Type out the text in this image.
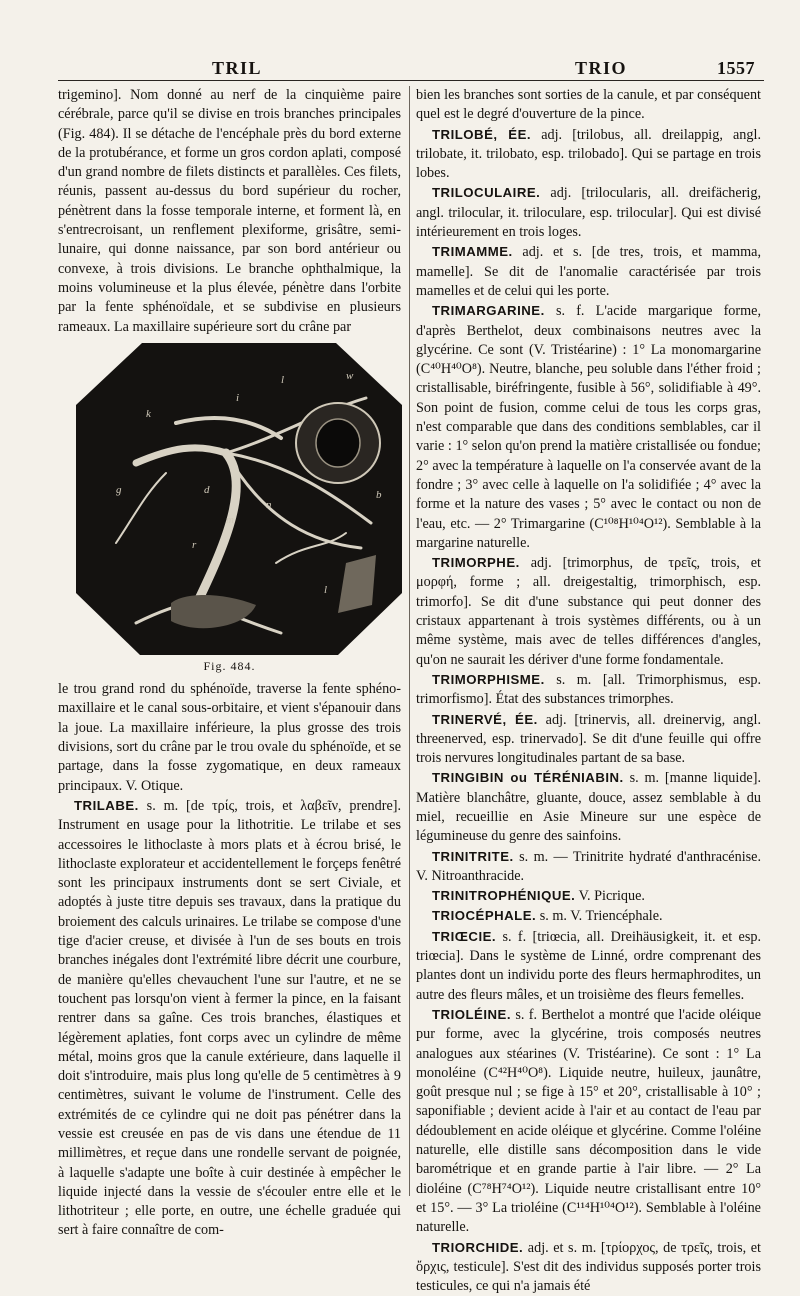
TRIL	TRIO	1557

trigemino]. Nom donné au nerf de la cinquième paire cérébrale, parce qu'il se divise en trois branches principales (Fig. 484). Il se détache de l'encéphale près du bord externe de la protubérance, et forme un gros cordon aplati, composé d'un grand nombre de filets distincts et parallèles. Ces filets, réunis, passent au-dessus du bord supérieur du rocher, pénètrent dans la fosse temporale interne, et forment là, en s'entrecroisant, un renflement plexiforme, grisâtre, semi-lunaire, qui donne naissance, par son bord antérieur ou convexe, à trois divisions. Le branche ophthalmique, la moins volumineuse et la plus élevée, pénètre dans l'orbite par la fente sphénoïdale, et se subdivise en plusieurs rameaux. La maxillaire supérieure sort du crâne par

i
l
k
g	d
r
m
n
l
b
w
Fig. 484.

le trou grand rond du sphénoïde, traverse la fente sphéno-maxillaire et le canal sous-orbitaire, et vient s'épanouir dans la joue. La maxillaire inférieure, la plus grosse des trois divisions, sort du crâne par le trou ovale du sphénoïde, et se partage, dans la fosse zygomatique, en deux rameaux principaux. V. Otique.

TRILABE. s. m. [de τρίς, trois, et λαβεῖν, prendre]. Instrument en usage pour la lithotritie. Le trilabe et ses accessoires le lithoclaste à mors plats et à écrou brisé, le lithoclaste explorateur et accidentellement le forçeps fenêtré sont les principaux instruments dont se sert Civiale, et adoptés à juste titre depuis ses travaux, dans la pratique du broiement des calculs urinaires. Le trilabe se compose d'une tige d'acier creuse, et divisée à l'un de ses bouts en trois branches inégales dont l'extrémité libre décrit une courbure, de manière qu'elles chevauchent l'une sur l'autre, et ne se touchent pas lorsqu'on vient à fermer la pince, en la faisant rentrer dans sa gaîne. Ces trois branches, élastiques et légèrement aplaties, font corps avec un cylindre de même métal, moins gros que la canule extérieure, dans laquelle il doit s'introduire, mais plus long qu'elle de 5 centimètres à 9 centimètres, suivant le volume de l'instrument. Celle des extrémités de ce cylindre qui ne doit pas pénétrer dans la vessie est creusée en pas de vis dans une étendue de 11 millimètres, et reçue dans une rondelle servant de poignée, à laquelle s'adapte une boîte à cuir destinée à empêcher le liquide injecté dans la vessie de s'écouler entre elle et le lithotriteur ; elle porte, en outre, une échelle graduée qui sert à faire connaître de com-

bien les branches sont sorties de la canule, et par conséquent quel est le degré d'ouverture de la pince.

TRILOBÉ, ÉE. adj. [trilobus, all. dreilappig, angl. trilobate, it. trilobato, esp. trilobado]. Qui se partage en trois lobes.

TRILOCULAIRE. adj. [trilocularis, all. dreifächerig, angl. trilocular, it. triloculare, esp. trilocular]. Qui est divisé intérieurement en trois loges.

TRIMAMME. adj. et s. [de tres, trois, et mamma, mamelle]. Se dit de l'anomalie caractérisée par trois mamelles et de celui qui les porte.

TRIMARGARINE. s. f. L'acide margarique forme, d'après Berthelot, deux combinaisons neutres avec la glycérine. Ce sont (V. Tristéarine) : 1° La monomargarine (C⁴⁰H⁴⁰O⁸). Neutre, blanche, peu soluble dans l'éther froid ; cristallisable, biréfringente, fusible à 56°, solidifiable à 49°. Son point de fusion, comme celui de tous les corps gras, n'est comparable que dans des conditions semblables, car il varie : 1° selon qu'on prend la matière cristallisée ou fondue; 2° avec la température à laquelle on l'a conservée avant de la fondre ; 3° avec celle à laquelle on l'a solidifiée ; 4° avec la forme et la nature des vases ; 5° avec le contact ou non de l'eau, etc. — 2° Trimargarine (C¹⁰⁸H¹⁰⁴O¹²). Semblable à la margarine naturelle.

TRIMORPHE. adj. [trimorphus, de τρεῖς, trois, et μορφή, forme ; all. dreigestaltig, trimorphisch, esp. trimorfo]. Se dit d'une substance qui peut donner des cristaux appartenant à trois systèmes différents, ou à un même système, mais avec de telles différences d'angles, qu'on ne saurait les dériver d'une forme fondamentale.

TRIMORPHISME. s. m. [all. Trimorphismus, esp. trimorfismo]. État des substances trimorphes.

TRINERVÉ, ÉE. adj. [trinervis, all. dreinervig, angl. threenerved, esp. trinervado]. Se dit d'une feuille qui offre trois nervures longitudinales partant de sa base.

TRINGIBIN ou TÉRÉNIABIN. s. m. [manne liquide]. Matière blanchâtre, gluante, douce, assez semblable à du miel, recueillie en Asie Mineure sur une espèce de légumineuse du genre des sainfoins.

TRINITRITE. s. m. — Trinitrite hydraté d'anthracénise. V. Nitroanthracide.

TRINITROPHÉNIQUE. V. Picrique.

TRIOCÉPHALE. s. m. V. Triencéphale.

TRIŒCIE. s. f. [triœcia, all. Dreihäusigkeit, it. et esp. triœcia]. Dans le système de Linné, ordre comprenant des plantes dont un individu porte des fleurs hermaphrodites, un autre des fleurs mâles, et un troisième des fleurs femelles.

TRIOLÉINE. s. f. Berthelot a montré que l'acide oléique pur forme, avec la glycérine, trois composés neutres analogues aux stéarines (V. Tristéarine). Ce sont : 1° La monoléine (C⁴²H⁴⁰O⁸). Liquide neutre, huileux, jaunâtre, goût presque nul ; se fige à 15° et 20°, cristallisable à 10° ; saponifiable ; devient acide à l'air et au contact de l'eau par dédoublement en acide oléique et glycérine. Comme l'oléine naturelle, elle distille sans décomposition dans le vide barométrique et en grande partie à l'air libre. — 2° La dioléine (C⁷⁸H⁷⁴O¹²). Liquide neutre cristallisant entre 10° et 15°. — 3° La trioléine (C¹¹⁴H¹⁰⁴O¹²). Semblable à l'oléine naturelle.

TRIORCHIDE. adj. et s. m. [τρίορχος, de τρεῖς, trois, et ὄρχις, testicule]. S'est dit des individus supposés porter trois testicules, ce qui n'a jamais été
